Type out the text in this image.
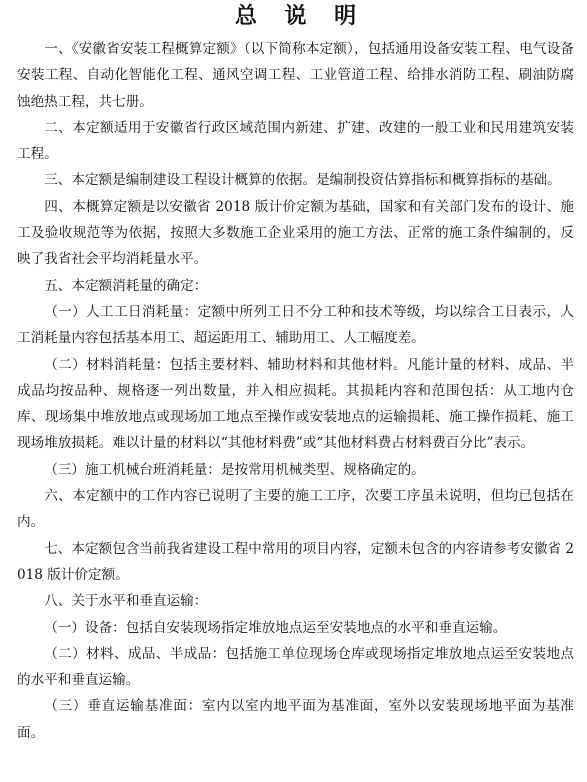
总 说 明

一、《安徽省安装工程概算定额》（以下简称本定额），包括通用设备安装工程、电气设备安装工程、自动化智能化工程、通风空调工程、工业管道工程、给排水消防工程、刷油防腐蚀绝热工程，共七册。

二、本定额适用于安徽省行政区域范围内新建、扩建、改建的一般工业和民用建筑安装工程。

三、本定额是编制建设工程设计概算的依据。是编制投资估算指标和概算指标的基础。

四、本概算定额是以安徽省 2018 版计价定额为基础，国家和有关部门发布的设计、施工及验收规范等为依据，按照大多数施工企业采用的施工方法、正常的施工条件编制的，反映了我省社会平均消耗量水平。

五、本定额消耗量的确定：

（一）人工工日消耗量：定额中所列工日不分工种和技术等级，均以综合工日表示，人工消耗量内容包括基本用工、超运距用工、辅助用工、人工幅度差。

（二）材料消耗量：包括主要材料、辅助材料和其他材料。凡能计量的材料、成品、半成品均按品种、规格逐一列出数量，并入相应损耗。其损耗内容和范围包括：从工地内仓库、现场集中堆放地点或现场加工地点至操作或安装地点的运输损耗、施工操作损耗、施工现场堆放损耗。难以计量的材料以“其他材料费”或“其他材料费占材料费百分比”表示。

（三）施工机械台班消耗量：是按常用机械类型、规格确定的。

六、本定额中的工作内容已说明了主要的施工工序，次要工序虽未说明，但均已包括在内。

七、本定额包含当前我省建设工程中常用的项目内容，定额未包含的内容请参考安徽省 2018 版计价定额。

八、关于水平和垂直运输：

（一）设备：包括自安装现场指定堆放地点运至安装地点的水平和垂直运输。

（二）材料、成品、半成品：包括施工单位现场仓库或现场指定堆放地点运至安装地点的水平和垂直运输。

（三）垂直运输基准面：室内以室内地平面为基准面，室外以安装现场地平面为基准面。
